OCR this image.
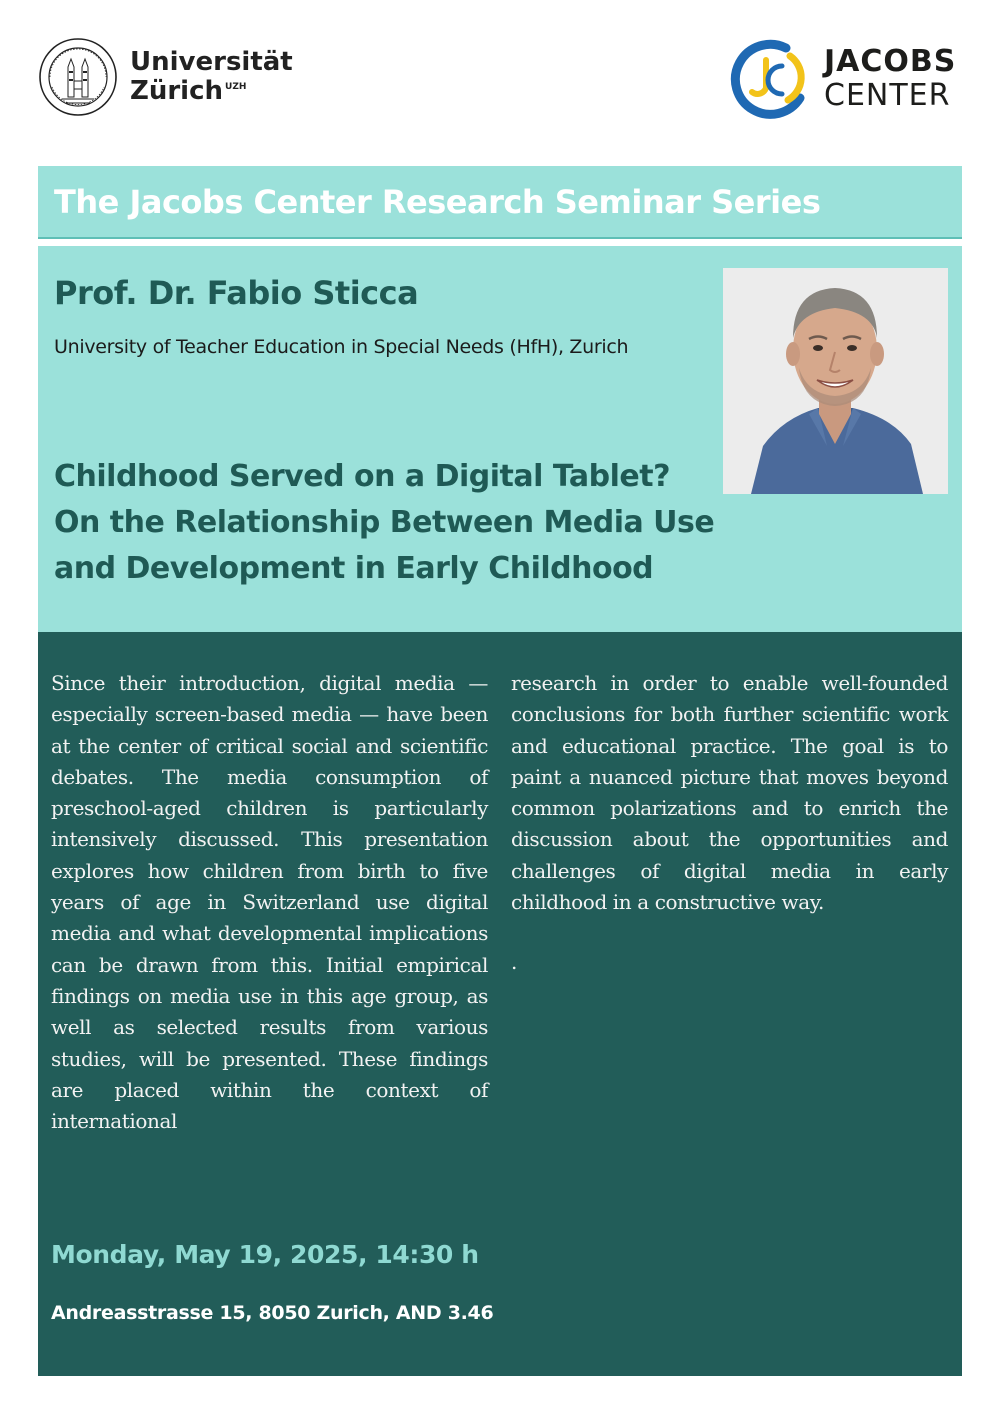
Universität
Zürich $^{UZH}$
JACOBS
CENTER
The Jacobs Center Research Seminar Series
Prof. Dr. Fabio Sticca

University of Teacher Education in Special Needs (HfH), Zurich

Childhood Served on a Digital Tablet?
On the Relationship Between Media Use
and Development in Early Childhood
Since their introduction, digital media — especially screen-based media — have been at the center of critical social and scientific debates. The media consumption of preschool-aged children is particularly intensively discussed. This presentation explores how children from birth to five years of age in Switzerland use digital media and what developmental implications can be drawn from this. Initial empirical findings on media use in this age group, as well as selected results from various studies, will be presented. These findings are placed within the context of international
research in order to enable well-founded conclusions for both further scientific work and educational practice. The goal is to paint a nuanced picture that moves beyond common polarizations and to enrich the discussion about the opportunities and challenges of digital media in early childhood in a constructive way.
.

Monday, May 19, 2025, 14:30 h

Andreasstrasse 15, 8050 Zurich, AND 3.46
